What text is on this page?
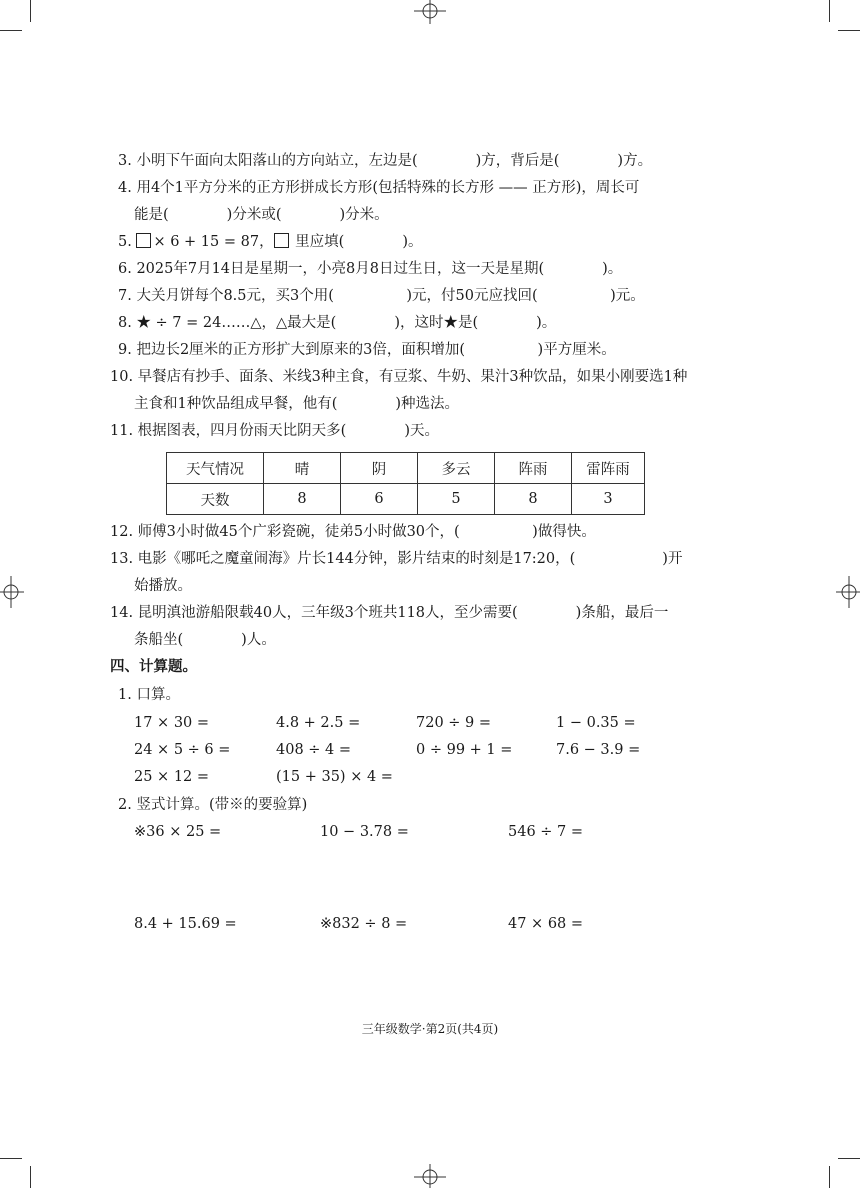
3. 小明下午面向太阳落山的方向站立，左边是(　　　　)方，背后是(　　　　)方。
4. 用4个1平方分米的正方形拼成长方形(包括特殊的长方形 —— 正方形)，周长可
能是(　　　　)分米或(　　　　)分米。
5. × 6 + 15 = 87， 里应填(　　　　)。
6. 2025年7月14日是星期一，小亮8月8日过生日，这一天是星期(　　　　)。
7. 大关月饼每个8.5元，买3个用(　　　　　)元，付50元应找回(　　　　　)元。
8. ★ ÷ 7 = 24……△，△最大是(　　　　)，这时★是(　　　　)。
9. 把边长2厘米的正方形扩大到原来的3倍，面积增加(　　　　　)平方厘米。
10. 早餐店有抄手、面条、米线3种主食，有豆浆、牛奶、果汁3种饮品，如果小刚要选1种
主食和1种饮品组成早餐，他有(　　　　)种选法。
11. 根据图表，四月份雨天比阴天多(　　　　)天。
天气情况	晴	阴	多云	阵雨	雷阵雨
天数	8	6	5	8	3
12. 师傅3小时做45个广彩瓷碗，徒弟5小时做30个，(　　　　　)做得快。
13. 电影《哪吒之魔童闹海》片长144分钟，影片结束的时刻是17:20，(　　　　　　)开
始播放。
14. 昆明滇池游船限载40人，三年级3个班共118人，至少需要(　　　　)条船，最后一
条船坐(　　　　)人。
四、计算题。
1. 口算。
17 × 30 =	4.8 + 2.5 =	720 ÷ 9 =	1 − 0.35 =
24 × 5 ÷ 6 =	408 ÷ 4 =	0 ÷ 99 + 1 =	7.6 − 3.9 =
25 × 12 =	(15 + 35) × 4 =
2. 竖式计算。(带※的要验算)
※36 × 25 =	10 − 3.78 =	546 ÷ 7 =
8.4 + 15.69 =	※832 ÷ 8 =	47 × 68 =
三年级数学·第2页(共4页)
